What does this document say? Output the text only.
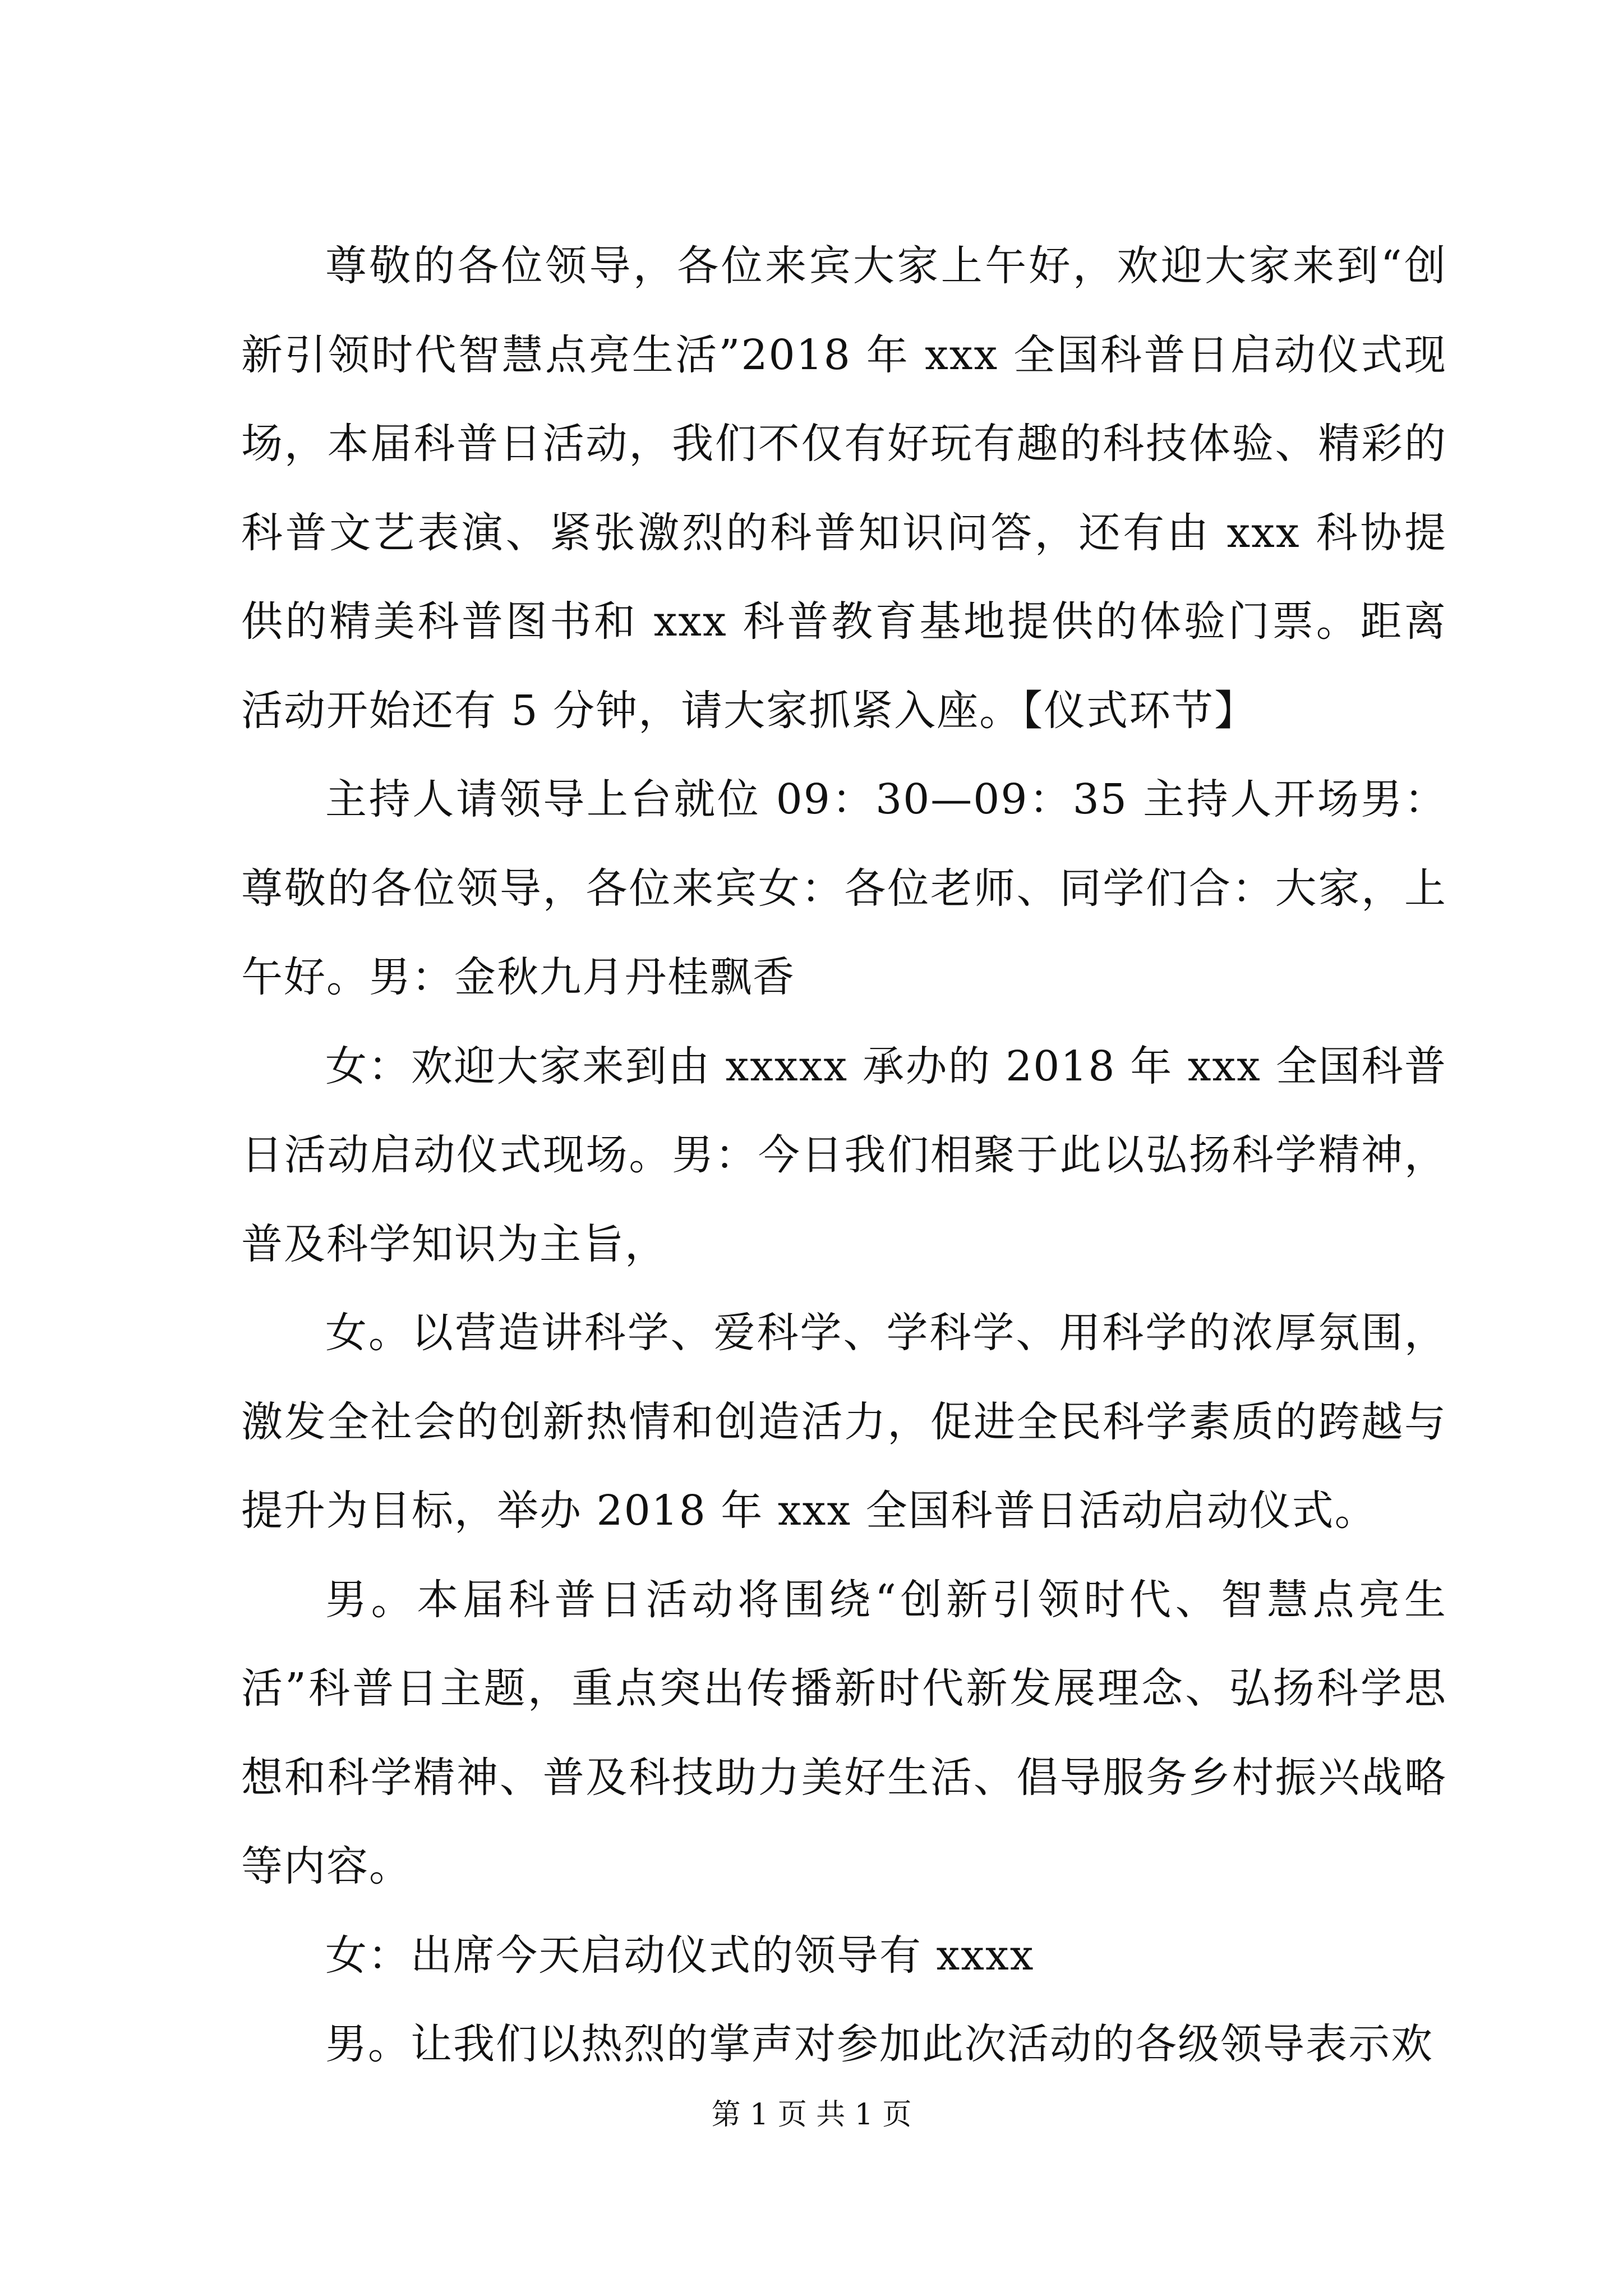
尊敬的各位领导，各位来宾大家上午好，欢迎大家来到“创新引领时代智慧点亮生活”2018 年 xxx 全国科普日启动仪式现场，本届科普日活动，我们不仅有好玩有趣的科技体验、精彩的科普文艺表演、紧张激烈的科普知识问答，还有由 xxx 科协提供的精美科普图书和 xxx 科普教育基地提供的体验门票。距离活动开始还有 5 分钟，请大家抓紧入座。【仪式环节】

主持人请领导上台就位 09：30—09：35 主持人开场男：尊敬的各位领导，各位来宾女：各位老师、同学们合：大家，上午好。男：金秋九月丹桂飘香

女：欢迎大家来到由 xxxxx 承办的 2018 年 xxx 全国科普日活动启动仪式现场。男：今日我们相聚于此以弘扬科学精神，普及科学知识为主旨，

女。以营造讲科学、爱科学、学科学、用科学的浓厚氛围，激发全社会的创新热情和创造活力，促进全民科学素质的跨越与提升为目标，举办 2018 年 xxx 全国科普日活动启动仪式。

男。本届科普日活动将围绕“创新引领时代、智慧点亮生活”科普日主题，重点突出传播新时代新发展理念、弘扬科学思想和科学精神、普及科技助力美好生活、倡导服务乡村振兴战略等内容。

女：出席今天启动仪式的领导有 xxxx

男。让我们以热烈的掌声对参加此次活动的各级领导表示欢

第 1 页 共 1 页
